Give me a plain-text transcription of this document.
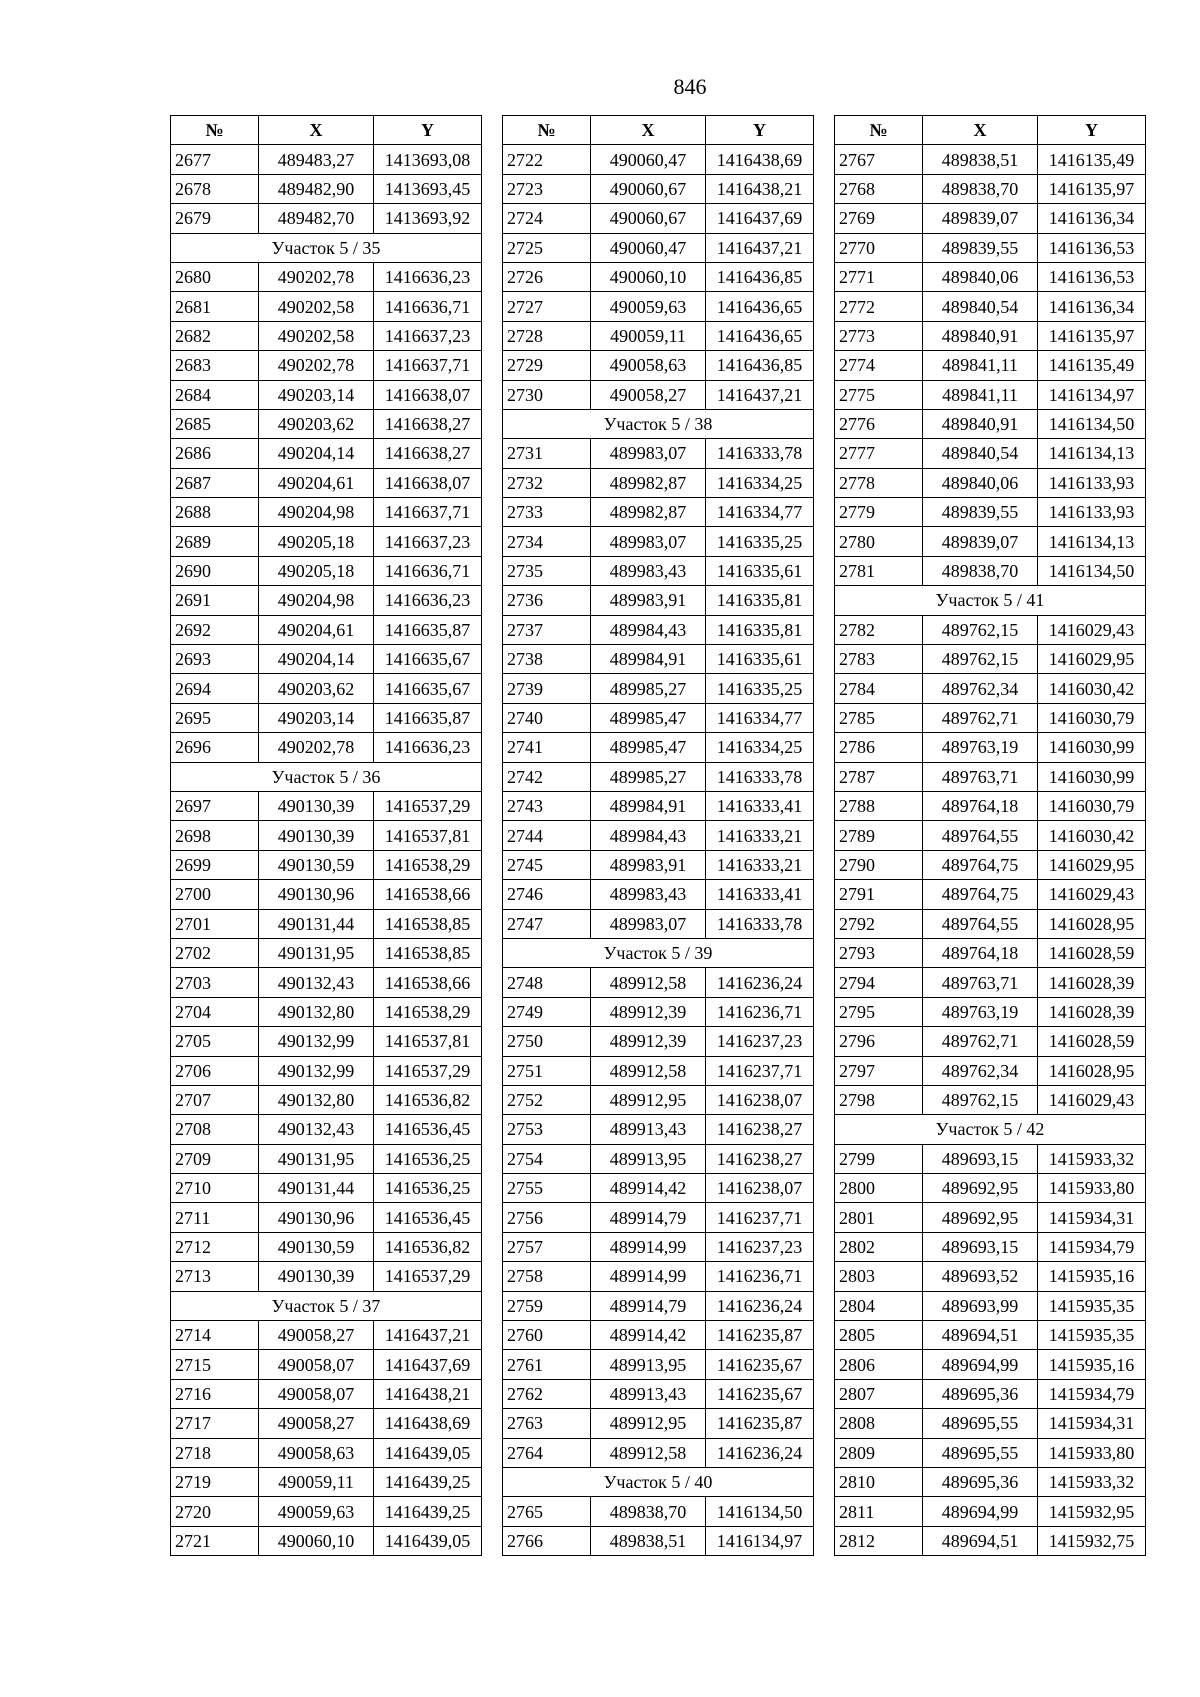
846
№	X	Y
2677	489483,27	1413693,08
2678	489482,90	1413693,45
2679	489482,70	1413693,92
Участок 5 / 35		
2680	490202,78	1416636,23
2681	490202,58	1416636,71
2682	490202,58	1416637,23
2683	490202,78	1416637,71
2684	490203,14	1416638,07
2685	490203,62	1416638,27
2686	490204,14	1416638,27
2687	490204,61	1416638,07
2688	490204,98	1416637,71
2689	490205,18	1416637,23
2690	490205,18	1416636,71
2691	490204,98	1416636,23
2692	490204,61	1416635,87
2693	490204,14	1416635,67
2694	490203,62	1416635,67
2695	490203,14	1416635,87
2696	490202,78	1416636,23
Участок 5 / 36		
2697	490130,39	1416537,29
2698	490130,39	1416537,81
2699	490130,59	1416538,29
2700	490130,96	1416538,66
2701	490131,44	1416538,85
2702	490131,95	1416538,85
2703	490132,43	1416538,66
2704	490132,80	1416538,29
2705	490132,99	1416537,81
2706	490132,99	1416537,29
2707	490132,80	1416536,82
2708	490132,43	1416536,45
2709	490131,95	1416536,25
2710	490131,44	1416536,25
2711	490130,96	1416536,45
2712	490130,59	1416536,82
2713	490130,39	1416537,29
Участок 5 / 37		
2714	490058,27	1416437,21
2715	490058,07	1416437,69
2716	490058,07	1416438,21
2717	490058,27	1416438,69
2718	490058,63	1416439,05
2719	490059,11	1416439,25
2720	490059,63	1416439,25
2721	490060,10	1416439,05
№	X	Y
2722	490060,47	1416438,69
2723	490060,67	1416438,21
2724	490060,67	1416437,69
2725	490060,47	1416437,21
2726	490060,10	1416436,85
2727	490059,63	1416436,65
2728	490059,11	1416436,65
2729	490058,63	1416436,85
2730	490058,27	1416437,21
Участок 5 / 38		
2731	489983,07	1416333,78
2732	489982,87	1416334,25
2733	489982,87	1416334,77
2734	489983,07	1416335,25
2735	489983,43	1416335,61
2736	489983,91	1416335,81
2737	489984,43	1416335,81
2738	489984,91	1416335,61
2739	489985,27	1416335,25
2740	489985,47	1416334,77
2741	489985,47	1416334,25
2742	489985,27	1416333,78
2743	489984,91	1416333,41
2744	489984,43	1416333,21
2745	489983,91	1416333,21
2746	489983,43	1416333,41
2747	489983,07	1416333,78
Участок 5 / 39		
2748	489912,58	1416236,24
2749	489912,39	1416236,71
2750	489912,39	1416237,23
2751	489912,58	1416237,71
2752	489912,95	1416238,07
2753	489913,43	1416238,27
2754	489913,95	1416238,27
2755	489914,42	1416238,07
2756	489914,79	1416237,71
2757	489914,99	1416237,23
2758	489914,99	1416236,71
2759	489914,79	1416236,24
2760	489914,42	1416235,87
2761	489913,95	1416235,67
2762	489913,43	1416235,67
2763	489912,95	1416235,87
2764	489912,58	1416236,24
Участок 5 / 40		
2765	489838,70	1416134,50
2766	489838,51	1416134,97
№	X	Y
2767	489838,51	1416135,49
2768	489838,70	1416135,97
2769	489839,07	1416136,34
2770	489839,55	1416136,53
2771	489840,06	1416136,53
2772	489840,54	1416136,34
2773	489840,91	1416135,97
2774	489841,11	1416135,49
2775	489841,11	1416134,97
2776	489840,91	1416134,50
2777	489840,54	1416134,13
2778	489840,06	1416133,93
2779	489839,55	1416133,93
2780	489839,07	1416134,13
2781	489838,70	1416134,50
Участок 5 / 41		
2782	489762,15	1416029,43
2783	489762,15	1416029,95
2784	489762,34	1416030,42
2785	489762,71	1416030,79
2786	489763,19	1416030,99
2787	489763,71	1416030,99
2788	489764,18	1416030,79
2789	489764,55	1416030,42
2790	489764,75	1416029,95
2791	489764,75	1416029,43
2792	489764,55	1416028,95
2793	489764,18	1416028,59
2794	489763,71	1416028,39
2795	489763,19	1416028,39
2796	489762,71	1416028,59
2797	489762,34	1416028,95
2798	489762,15	1416029,43
Участок 5 / 42		
2799	489693,15	1415933,32
2800	489692,95	1415933,80
2801	489692,95	1415934,31
2802	489693,15	1415934,79
2803	489693,52	1415935,16
2804	489693,99	1415935,35
2805	489694,51	1415935,35
2806	489694,99	1415935,16
2807	489695,36	1415934,79
2808	489695,55	1415934,31
2809	489695,55	1415933,80
2810	489695,36	1415933,32
2811	489694,99	1415932,95
2812	489694,51	1415932,75
